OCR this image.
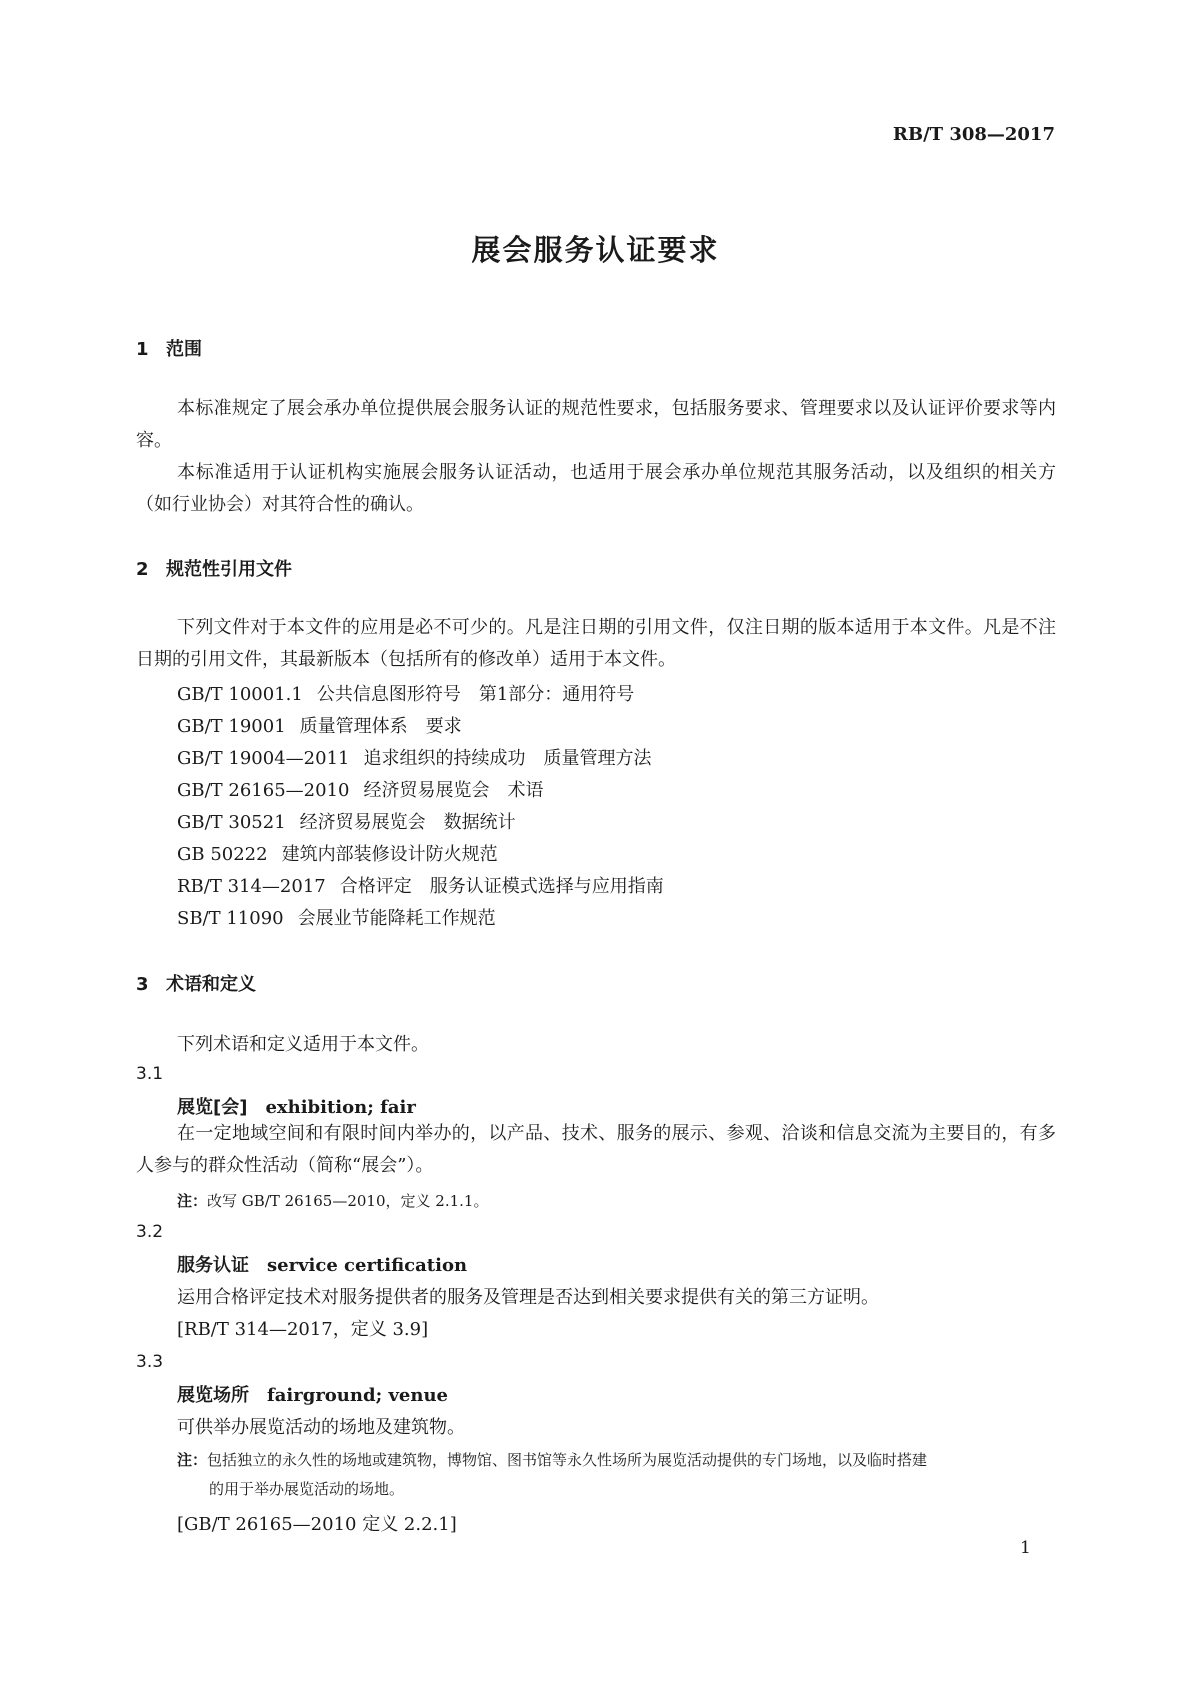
RB/T 308—2017
展会服务认证要求
1 范围
本标准规定了展会承办单位提供展会服务认证的规范性要求，包括服务要求、管理要求以及认证评价要求等内容。
本标准适用于认证机构实施展会服务认证活动，也适用于展会承办单位规范其服务活动，以及组织的相关方（如行业协会）对其符合性的确认。
2 规范性引用文件
下列文件对于本文件的应用是必不可少的。凡是注日期的引用文件，仅注日期的版本适用于本文件。凡是不注日期的引用文件，其最新版本（包括所有的修改单）适用于本文件。
GB/T 10001.1 公共信息图形符号　第1部分：通用符号
GB/T 19001 质量管理体系　要求
GB/T 19004—2011 追求组织的持续成功　质量管理方法
GB/T 26165—2010 经济贸易展览会　术语
GB/T 30521 经济贸易展览会　数据统计
GB 50222 建筑内部装修设计防火规范
RB/T 314—2017 合格评定　服务认证模式选择与应用指南
SB/T 11090 会展业节能降耗工作规范
3 术语和定义
下列术语和定义适用于本文件。
3.1
展览[会] exhibition; fair
在一定地域空间和有限时间内举办的，以产品、技术、服务的展示、参观、洽谈和信息交流为主要目的，有多人参与的群众性活动（简称“展会”）。
注：改写 GB/T 26165—2010，定义 2.1.1。
3.2
服务认证 service certification
运用合格评定技术对服务提供者的服务及管理是否达到相关要求提供有关的第三方证明。
[RB/T 314—2017，定义 3.9]
3.3
展览场所 fairground; venue
可供举办展览活动的场地及建筑物。
注：包括独立的永久性的场地或建筑物，博物馆、图书馆等永久性场所为展览活动提供的专门场地，以及临时搭建
的用于举办展览活动的场地。
[GB/T 26165—2010 定义 2.2.1]
1
